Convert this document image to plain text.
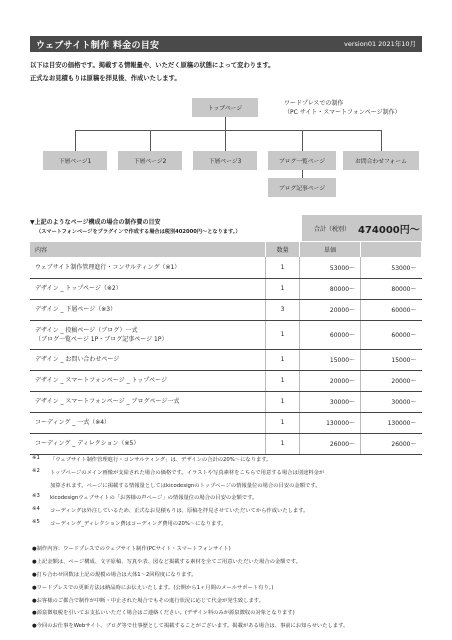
ウェブサイト制作 料金の目安	version01 2021年10月
以下は目安の価格です。掲載する情報量や、いただく原稿の状態によって変わります。
正式なお見積もりは原稿を拝見後、作成いたします。
トップページ
ワードプレスでの制作
（PC サイト・スマートフォンページ制作）
下層ページ1	下層ページ2	下層ページ3	ブログ一覧ページ	お問合わせフォーム
ブログ記事ページ
▼上記のようなページ構成の場合の制作費の目安
（スマートフォンページをプラグインで作成する場合は税別402000円〜となります。）	合計（税別） 474000円〜
内容	数量	単価	

ウェブサイト制作管理進行・コンサルティング（※1）	1	53000〜	53000〜

デザイン _ トップページ（※2）	1	80000〜	80000〜

デザイン _ 下層ページ（※3）	3	20000〜	60000〜

デザイン _ 投稿ページ（ブログ）一式
（ブログ一覧ページ 1P・ブログ記事ページ 1P）	1	60000〜	60000〜

デザイン _ お問い合わせページ	1	15000〜	15000〜

デザイン _ スマートフォンページ _ トップページ	1	20000〜	20000〜

デザイン _ スマートフォンページ _ ブログページ一式	1	30000〜	30000〜

コーディング _ 一式（※4）	1	130000〜	130000〜

コーディング _ ディレクション（※5）	1	26000〜	26000〜
※1 「ウェブサイト制作管理進行・コンサルティング」は、デザインの合計の20%〜になります。
※2 トップページのメイン画像が支給された場合の価格です。イラストや写真素材をこちらで用意する場合は別途料金が
加算されます。ページに掲載する情報量としてはkicodesignのトップページの情報量位の場合の目安の金額です。
※3 kicodesignウェブサイトの「お客様の声ページ」の情報量位の場合の目安の金額です。
※4 コーディングは外注しているため、正式なお見積もりは、原稿を拝見させていただいてから作成いたします。
※5 コーディング_ディレクション費はコーディング費用の20%〜になります。
●制作内容：ワードプレスでのウェブサイト制作(PCサイト・スマートフォンサイト)
●上記金額は、ページ構成、文字原稿、写真や表、図など掲載する素材を全てご用意いただいた場合の金額です。
●打ち合わせ回数は上記の規模の場合は大体1〜2回程度になります。
●ワードプレスでの更新方法は納品時にお伝えいたします。(公開から1ヶ月間のメールサポート有り。)
●お客様のご都合で制作が中断・中止された場合でもその進行状況に応じて代金が発生致します。
●源泉徴収税を引いてお支払いいただく場合はご連絡ください。(デザイン料のみが源泉徴収の対象となります)
●今回のお仕事をWebサイト、ブログ等で仕事歴として掲載することがございます。掲載がある場合は、事前にお知らせいたします。
